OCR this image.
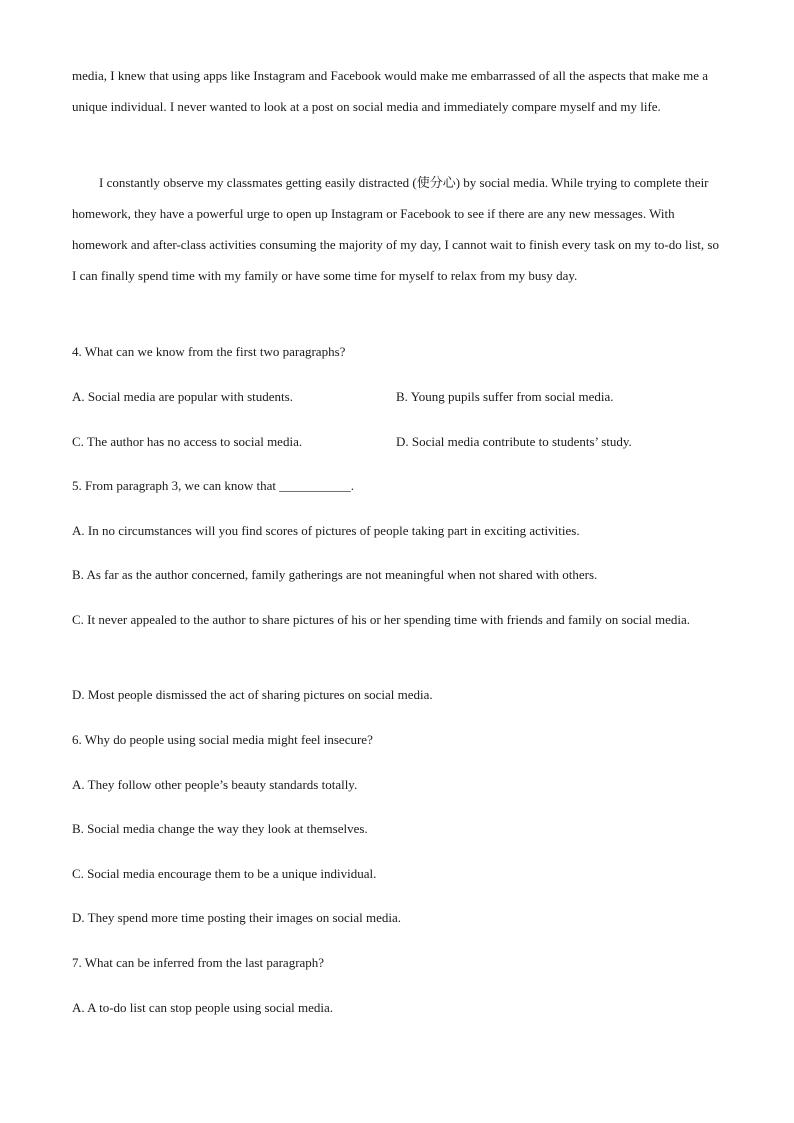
media, I knew that using apps like Instagram and Facebook would make me embarrassed of all the aspects that make me a unique individual. I never wanted to look at a post on social media and immediately compare myself and my life.

I constantly observe my classmates getting easily distracted (使分心) by social media. While trying to complete their homework, they have a powerful urge to open up Instagram or Facebook to see if there are any new messages. With homework and after-class activities consuming the majority of my day, I cannot wait to finish every task on my to-do list, so I can finally spend time with my family or have some time for myself to relax from my busy day.

4. What can we know from the first two paragraphs?
A. Social media are popular with students.	B. Young pupils suffer from social media.
C. The author has no access to social media.	D. Social media contribute to students’ study.
5. From paragraph 3, we can know that ___________.
A. In no circumstances will you find scores of pictures of people taking part in exciting activities.
B. As far as the author concerned, family gatherings are not meaningful when not shared with others.
C. It never appealed to the author to share pictures of his or her spending time with friends and family on social media.
D. Most people dismissed the act of sharing pictures on social media.
6. Why do people using social media might feel insecure?
A. They follow other people’s beauty standards totally.
B. Social media change the way they look at themselves.
C. Social media encourage them to be a unique individual.
D. They spend more time posting their images on social media.
7. What can be inferred from the last paragraph?
A. A to-do list can stop people using social media.
